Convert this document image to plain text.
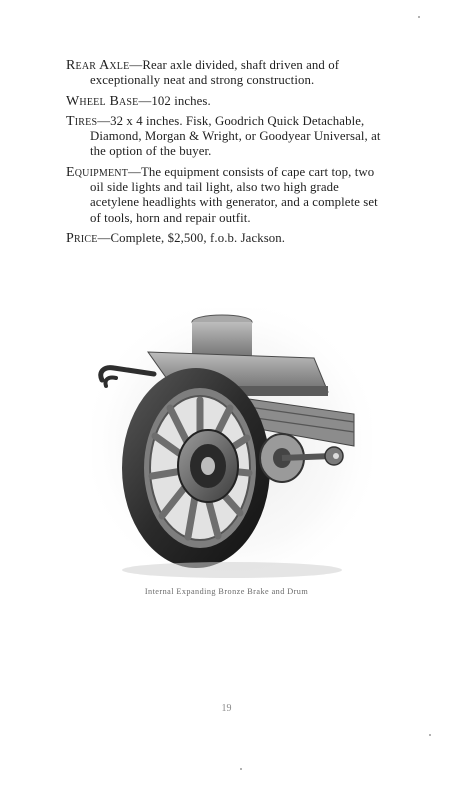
Rear Axle—Rear axle divided, shaft driven and of exceptionally neat and strong construction.

Wheel Base—102 inches.

Tires—32 x 4 inches. Fisk, Goodrich Quick Detachable, Diamond, Morgan & Wright, or Goodyear Universal, at the option of the buyer.

Equipment—The equipment consists of cape cart top, two oil side lights and tail light, also two high grade acetylene headlights with generator, and a complete set of tools, horn and repair outfit.

Price—Complete, $2,500, f.o.b. Jackson.

Internal Expanding Bronze Brake and Drum
19
